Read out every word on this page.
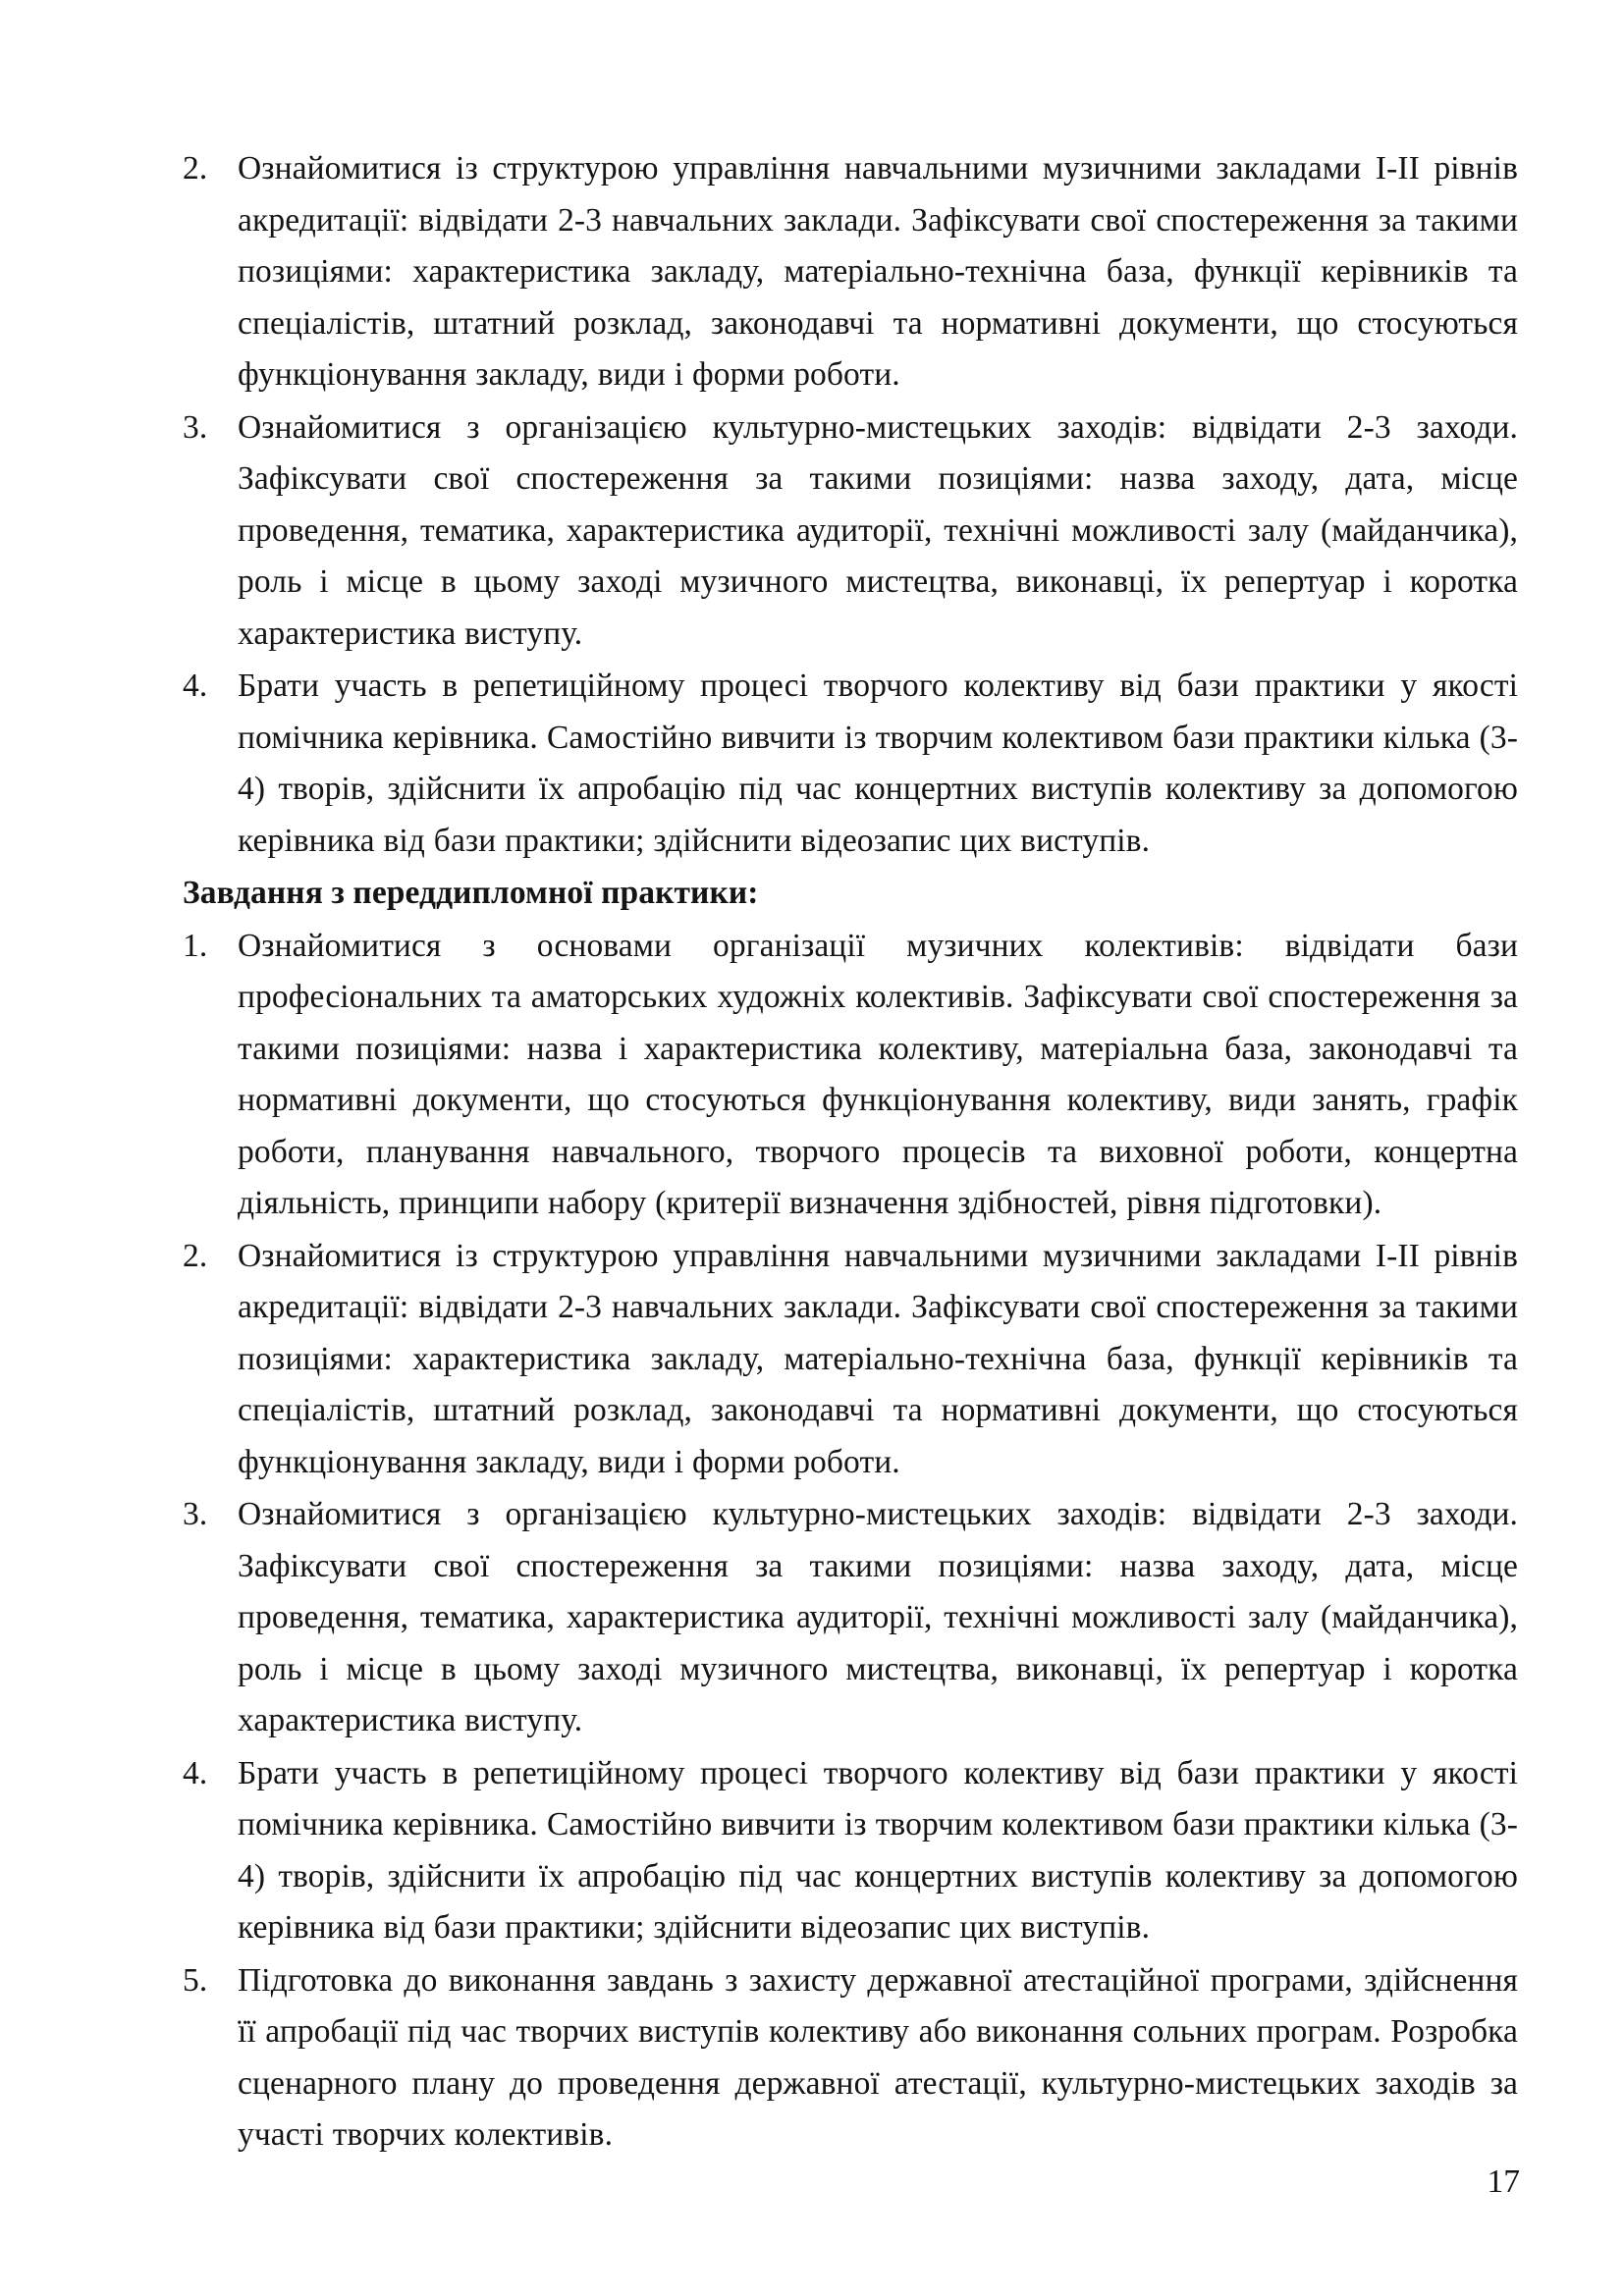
2. Ознайомитися із структурою управління навчальними музичними закладами І-ІІ рівнів акредитації: відвідати 2-3 навчальних заклади. Зафіксувати свої спостереження за такими позиціями: характеристика закладу, матеріально-технічна база, функції керівників та спеціалістів, штатний розклад, законодавчі та нормативні документи, що стосуються функціонування закладу, види і форми роботи.
3. Ознайомитися з організацією культурно-мистецьких заходів: відвідати 2-3 заходи. Зафіксувати свої спостереження за такими позиціями: назва заходу, дата, місце проведення, тематика, характеристика аудиторії, технічні можливості залу (майданчика), роль і місце в цьому заході музичного мистецтва, виконавці, їх репертуар і коротка характеристика виступу.
4. Брати участь в репетиційному процесі творчого колективу від бази практики у якості помічника керівника. Самостійно вивчити із творчим колективом бази практики кілька (3-4) творів, здійснити їх апробацію під час концертних виступів колективу за допомогою керівника від бази практики; здійснити відеозапис цих виступів.
Завдання з переддипломної практики:
1. Ознайомитися з основами організації музичних колективів: відвідати бази професіональних та аматорських художніх колективів. Зафіксувати свої спостереження за такими позиціями: назва і характеристика колективу, матеріальна база, законодавчі та нормативні документи, що стосуються функціонування колективу, види занять, графік роботи, планування навчального, творчого процесів та виховної роботи, концертна діяльність, принципи набору (критерії визначення здібностей, рівня підготовки).
2. Ознайомитися із структурою управління навчальними музичними закладами І-ІІ рівнів акредитації: відвідати 2-3 навчальних заклади. Зафіксувати свої спостереження за такими позиціями: характеристика закладу, матеріально-технічна база, функції керівників та спеціалістів, штатний розклад, законодавчі та нормативні документи, що стосуються функціонування закладу, види і форми роботи.
3. Ознайомитися з організацією культурно-мистецьких заходів: відвідати 2-3 заходи. Зафіксувати свої спостереження за такими позиціями: назва заходу, дата, місце проведення, тематика, характеристика аудиторії, технічні можливості залу (майданчика), роль і місце в цьому заході музичного мистецтва, виконавці, їх репертуар і коротка характеристика виступу.
4. Брати участь в репетиційному процесі творчого колективу від бази практики у якості помічника керівника. Самостійно вивчити із творчим колективом бази практики кілька (3-4) творів, здійснити їх апробацію під час концертних виступів колективу за допомогою керівника від бази практики; здійснити відеозапис цих виступів.
5. Підготовка до виконання завдань з захисту державної атестаційної програми, здійснення її апробації під час творчих виступів колективу або виконання сольних програм. Розробка сценарного плану до проведення державної атестації, культурно-мистецьких заходів за участі творчих колективів.
17
